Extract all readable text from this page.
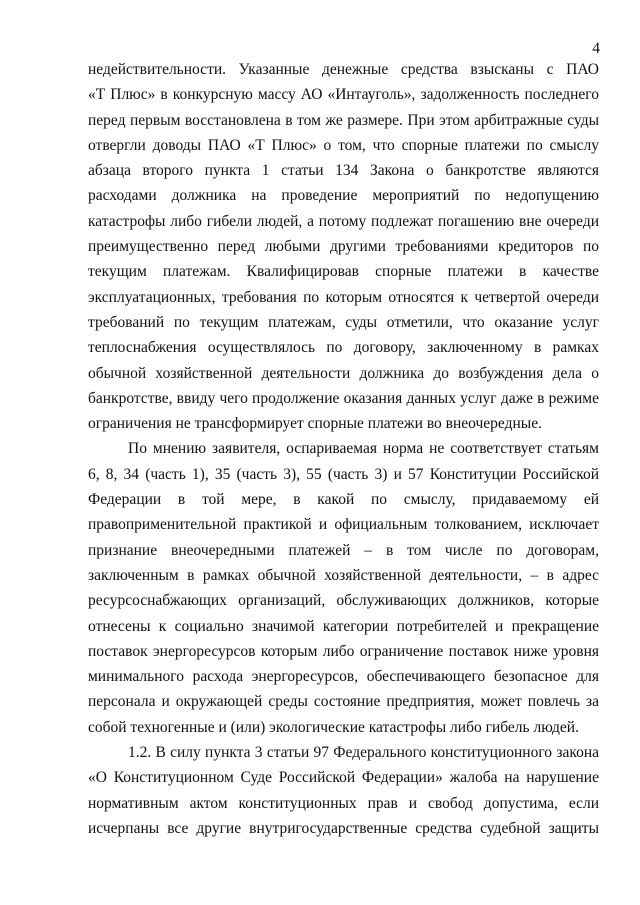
4
недействительности. Указанные денежные средства взысканы с ПАО
«Т Плюс» в конкурсную массу АО «Интауголь», задолженность последнего
перед первым восстановлена в том же размере. При этом арбитражные суды
отвергли доводы ПАО «Т Плюс» о том, что спорные платежи по смыслу
абзаца второго пункта 1 статьи 134 Закона о банкротстве являются
расходами должника на проведение мероприятий по недопущению
катастрофы либо гибели людей, а потому подлежат погашению вне очереди
преимущественно перед любыми другими требованиями кредиторов по
текущим платежам. Квалифицировав спорные платежи в качестве
эксплуатационных, требования по которым относятся к четвертой очереди
требований по текущим платежам, суды отметили, что оказание услуг
теплоснабжения осуществлялось по договору, заключенному в рамках
обычной хозяйственной деятельности должника до возбуждения дела о
банкротстве, ввиду чего продолжение оказания данных услуг даже в режиме
ограничения не трансформирует спорные платежи во внеочередные.
По мнению заявителя, оспариваемая норма не соответствует статьям
6, 8, 34 (часть 1), 35 (часть 3), 55 (часть 3) и 57 Конституции Российской
Федерации в той мере, в какой по смыслу, придаваемому ей
правоприменительной практикой и официальным толкованием, исключает
признание внеочередными платежей – в том числе по договорам,
заключенным в рамках обычной хозяйственной деятельности, – в адрес
ресурсоснабжающих организаций, обслуживающих должников, которые
отнесены к социально значимой категории потребителей и прекращение
поставок энергоресурсов которым либо ограничение поставок ниже уровня
минимального расхода энергоресурсов, обеспечивающего безопасное для
персонала и окружающей среды состояние предприятия, может повлечь за
собой техногенные и (или) экологические катастрофы либо гибель людей.
1.2. В силу пункта 3 статьи 97 Федерального конституционного закона
«О Конституционном Суде Российской Федерации» жалоба на нарушение
нормативным актом конституционных прав и свобод допустима, если
исчерпаны все другие внутригосударственные средства судебной защиты
